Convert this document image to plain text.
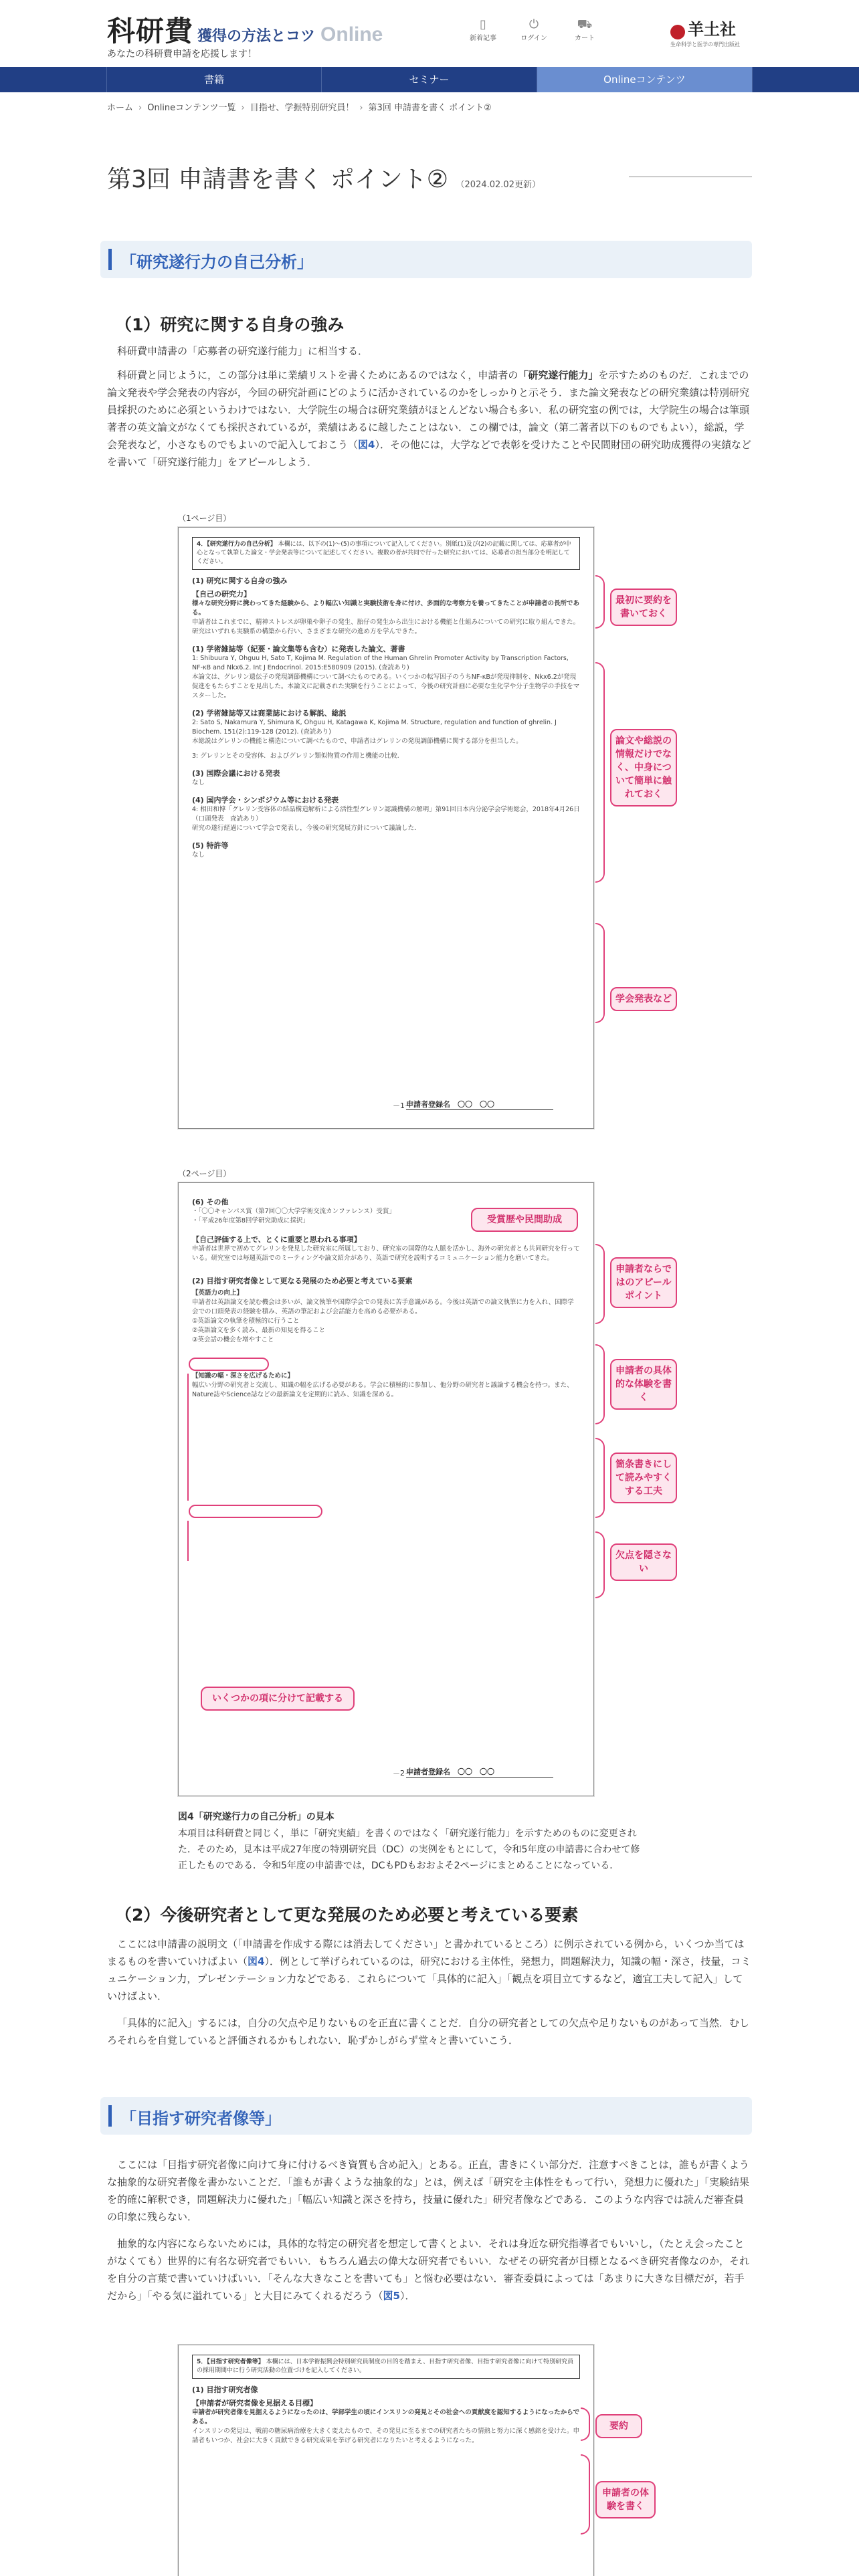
科研費 獲得の方法とコツ Online
あなたの科研費申請を応援します！
▯
新着記事
⏻
ログイン
⛟
カート	羊土社
生命科学と医学の専門出版社
書籍	セミナー	Onlineコンテンツ
ホーム › Onlineコンテンツ一覧 › 目指せ、学振特別研究員！ › 第3回 申請書を書く ポイント②
第3回 申請書を書く ポイント② （2024.02.02更新）
「研究遂行力の自己分析」
（1）研究に関する自身の強み
科研費申請書の「応募者の研究遂行能力」に相当する．
科研費と同じように，この部分は単に業績リストを書くためにあるのではなく，申請者の「研究遂行能力」を示すためのものだ．これまでの論文発表や学会発表の内容が，今回の研究計画にどのように活かされているのかをしっかりと示そう．また論文発表などの研究業績は特別研究員採択のために必須というわけではない．大学院生の場合は研究業績がほとんどない場合も多い．私の研究室の例では，大学院生の場合は筆頭著者の英文論文がなくても採択されているが，業績はあるに越したことはない．この欄では，論文（第二著者以下のものでもよい），総説，学会発表など，小さなものでもよいので記入しておこう（図4）．その他には，大学などで表彰を受けたことや民間財団の研究助成獲得の実績などを書いて「研究遂行能力」をアピールしよう．
（1ページ目）
4．【研究遂行力の自己分析】 本欄には、以下の(1)～(5)の事項について記入してください。別紙(1)及び(2)の記載に関しては、応募者が中心となって執筆した論文・学会発表等について記述してください。複数の者が共同で行った研究においては、応募者の担当部分を明記してください。
(1) 研究に関する自身の強み
【自己の研究力】
様々な研究分野に携わってきた経験から、より幅広い知識と実験技術を身に付け、多面的な考察力を養ってきたことが申請者の長所である。
申請者はこれまでに、精神ストレスが卵巣や卵子の発生、胎仔の発生から出生における機能と仕組みについての研究に取り組んできた。研究はいずれも実験系の構築から行い、さまざまな研究の進め方を学んできた。
(1) 学術雑誌等（紀要・論文集等も含む）に発表した論文、著書
1: Shibuura Y, Ohguu H, Sato T, Kojima M. Regulation of the Human Ghrelin Promoter Activity by Transcription Factors, NF-κB and Nkx6.2. Int J Endocrinol. 2015:E580909 (2015). (査読あり)
本論文は、グレリン遺伝子の発現調節機構について調べたものである。いくつかの転写因子のうちNF-κBが発現抑制を、Nkx6.2が発現促進をもたらすことを見出した。本論文に記載された実験を行うことによって、今後の研究計画に必要な生化学や分子生物学の手技をマスターした。
(2) 学術雑誌等又は商業誌における解説、総説
2: Sato S, Nakamura Y, Shimura K, Ohguu H, Katagawa K, Kojima M. Structure, regulation and function of ghrelin. J Biochem. 151(2):119-128 (2012). (査読あり)
本総説はグレリンの機能と構造について調べたもので、申請者はグレリンの発現調節機構に関する部分を担当した。
3: グレリンとその受容体．およびグレリン類似物質の作用と機能の比較．
(3) 国際会議における発表
なし
(4) 国内学会・シンポジウム等における発表
4: 相田和博「グレリン受容体の結晶構造解析による活性型グレリン認識機構の解明」第91回日本内分泌学会学術総会，2018年4月26日（口頭発表　査読あり）
研究の遂行経過について学会で発表し，今後の研究発展方針について議論した．
(5) 特許等
なし
－1－
申請者登録名　 〇〇　〇〇
最初に要約を書いておく
論文や総説の情報だけでなく、中身について簡単に触れておく
学会発表など
（2ページ目）
(6) その他
・「〇〇キャンパス賞（第7回〇〇大学学術交流カンファレンス）受賞」
・「平成26年度第8回学研究助成に採択」
【自己評価する上で、とくに重要と思われる事項】
申請者は世界で初めてグレリンを発見した研究室に所属しており、研究室の国際的な人脈を活かし、海外の研究者とも共同研究を行っている。研究室では毎週英語でのミーティングや論文紹介があり、英語で研究を説明するコミュニケーション能力を磨いてきた。
(2) 目指す研究者像として更なる発展のため必要と考えている要素
【英語力の向上】
申請者は英語論文を読む機会は多いが、論文執筆や国際学会での発表に苦手意識がある。今後は英語での論文執筆に力を入れ、国際学会での口頭発表の経験を積み、英語の筆記および会話能力を高める必要がある。
①英語論文の執筆を積極的に行うこと
②英語論文を多く読み、最新の知見を得ること
③英会話の機会を増やすこと
【知識の幅・深さを広げるために】
幅広い分野の研究者と交流し、知識の幅を広げる必要がある。学会に積極的に参加し、他分野の研究者と議論する機会を持つ。また、Nature誌やScience誌などの最新論文を定期的に読み、知識を深める。
－2－
申請者登録名　 〇〇　〇〇
受賞歴や民間助成
申請者ならではのアピールポイント
申請者の具体的な体験を書く
箇条書きにして読みやすくする工夫
欠点を隠さない
いくつかの項に分けて記載する
図4「研究遂行力の自己分析」の見本
本項目は科研費と同じく，単に「研究実績」を書くのではなく「研究遂行能力」を示すためのものに変更された．そのため，見本は平成27年度の特別研究員（DC）の実例をもとにして，令和5年度の申請書に合わせて修正したものである．令和5年度の申請書では，DCもPDもおおよそ2ページにまとめることになっている．
（2）今後研究者として更な発展のため必要と考えている要素
ここには申請書の説明文（「申請書を作成する際には消去してください」と書かれているところ）に例示されている例から，いくつか当てはまるものを書いていけばよい（図4）．例として挙げられているのは，研究における主体性，発想力，問題解決力，知識の幅・深さ，技量，コミュニケーション力，プレゼンテーション力などである．これらについて「具体的に記入」「観点を項目立てするなど，適宜工夫して記入」していけばよい．
「具体的に記入」するには，自分の欠点や足りないものを正直に書くことだ．自分の研究者としての欠点や足りないものがあって当然．むしろそれらを自覚していると評価されるかもしれない．恥ずかしがらず堂々と書いていこう．
「目指す研究者像等」
ここには「目指す研究者像に向けて身に付けるべき資質も含め記入」とある。正直，書きにくい部分だ．注意すべきことは，誰もが書くような抽象的な研究者像を書かないことだ．「誰もが書くような抽象的な」とは，例えば「研究を主体性をもって行い，発想力に優れた」「実験結果を的確に解釈でき，問題解決力に優れた」「幅広い知識と深さを持ち，技量に優れた」研究者像などである．このような内容では読んだ審査員の印象に残らない．
抽象的な内容にならないためには，具体的な特定の研究者を想定して書くとよい．それは身近な研究指導者でもいいし，（たとえ会ったことがなくても）世界的に有名な研究者でもいい．もちろん過去の偉大な研究者でもいい．なぜその研究者が目標となるべき研究者像なのか，それを自分の言葉で書いていけばいい．「そんな大きなことを書いても」と悩む必要はない．審査委員によっては「あまりに大きな目標だが，若手だから」「やる気に溢れている」と大目にみてくれるだろう（図5）．
5．【目指す研究者像等】 本欄には、日本学術振興会特別研究員制度の目的を踏まえ、目指す研究者像、目指す研究者像に向けて特別研究員の採用期間中に行う研究活動の位置づけを記入してください。
(1) 目指す研究者像
【申請者が研究者像を見据える目標】
申請者が研究者像を見据えるようになったのは、学部学生の頃にインスリンの発見とその社会への貢献度を認知するようになったからである。
インスリンの発見は、戦前の糖尿病治療を大きく変えたもので、その発見に至るまでの研究者たちの情熱と努力に深く感銘を受けた。申請者もいつか、社会に大きく貢献できる研究成果を挙げる研究者になりたいと考えるようになった。
要約
申請者の体験を書く
